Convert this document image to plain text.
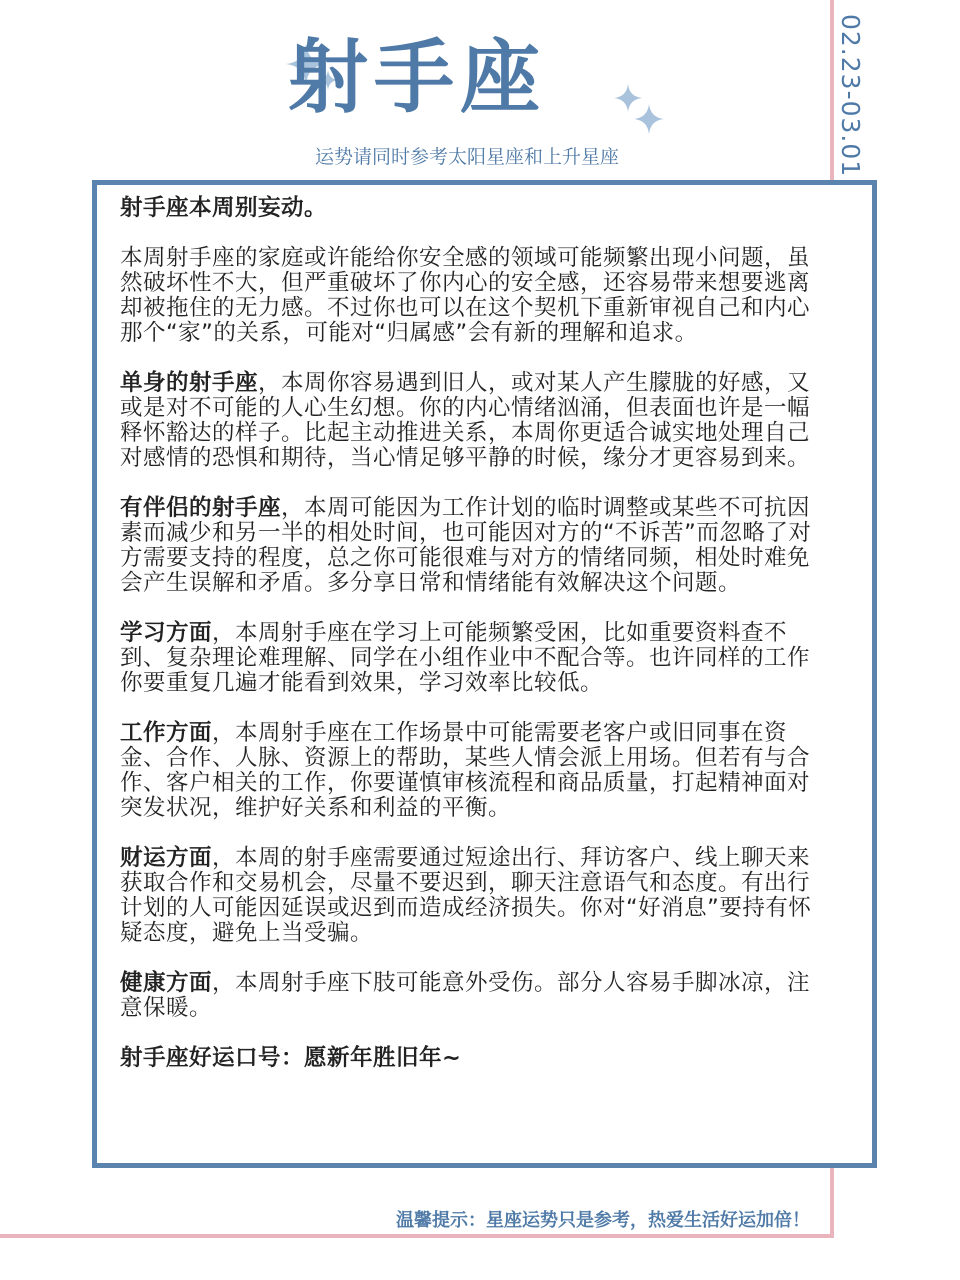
02.23-03.01
射手座

运势请同时参考太阳星座和上升星座

射手座本周别妄动。

本周射手座的家庭或许能给你安全感的领域可能频繁出现小问题，虽然破坏性不大，但严重破坏了你内心的安全感，还容易带来想要逃离却被拖住的无力感。不过你也可以在这个契机下重新审视自己和内心那个“家”的关系，可能对“归属感”会有新的理解和追求。

单身的射手座，本周你容易遇到旧人，或对某人产生朦胧的好感，又或是对不可能的人心生幻想。你的内心情绪汹涌，但表面也许是一幅释怀豁达的样子。比起主动推进关系，本周你更适合诚实地处理自己对感情的恐惧和期待，当心情足够平静的时候，缘分才更容易到来。

有伴侣的射手座，本周可能因为工作计划的临时调整或某些不可抗因素而减少和另一半的相处时间，也可能因对方的“不诉苦”而忽略了对方需要支持的程度，总之你可能很难与对方的情绪同频，相处时难免会产生误解和矛盾。多分享日常和情绪能有效解决这个问题。

学习方面，本周射手座在学习上可能频繁受困，比如重要资料查不到、复杂理论难理解、同学在小组作业中不配合等。也许同样的工作你要重复几遍才能看到效果，学习效率比较低。

工作方面，本周射手座在工作场景中可能需要老客户或旧同事在资金、合作、人脉、资源上的帮助，某些人情会派上用场。但若有与合作、客户相关的工作，你要谨慎审核流程和商品质量，打起精神面对突发状况，维护好关系和利益的平衡。

财运方面，本周的射手座需要通过短途出行、拜访客户、线上聊天来获取合作和交易机会，尽量不要迟到，聊天注意语气和态度。有出行计划的人可能因延误或迟到而造成经济损失。你对“好消息”要持有怀疑态度，避免上当受骗。

健康方面，本周射手座下肢可能意外受伤。部分人容易手脚冰凉，注意保暖。

射手座好运口号：愿新年胜旧年~

温馨提示：星座运势只是参考，热爱生活好运加倍！
